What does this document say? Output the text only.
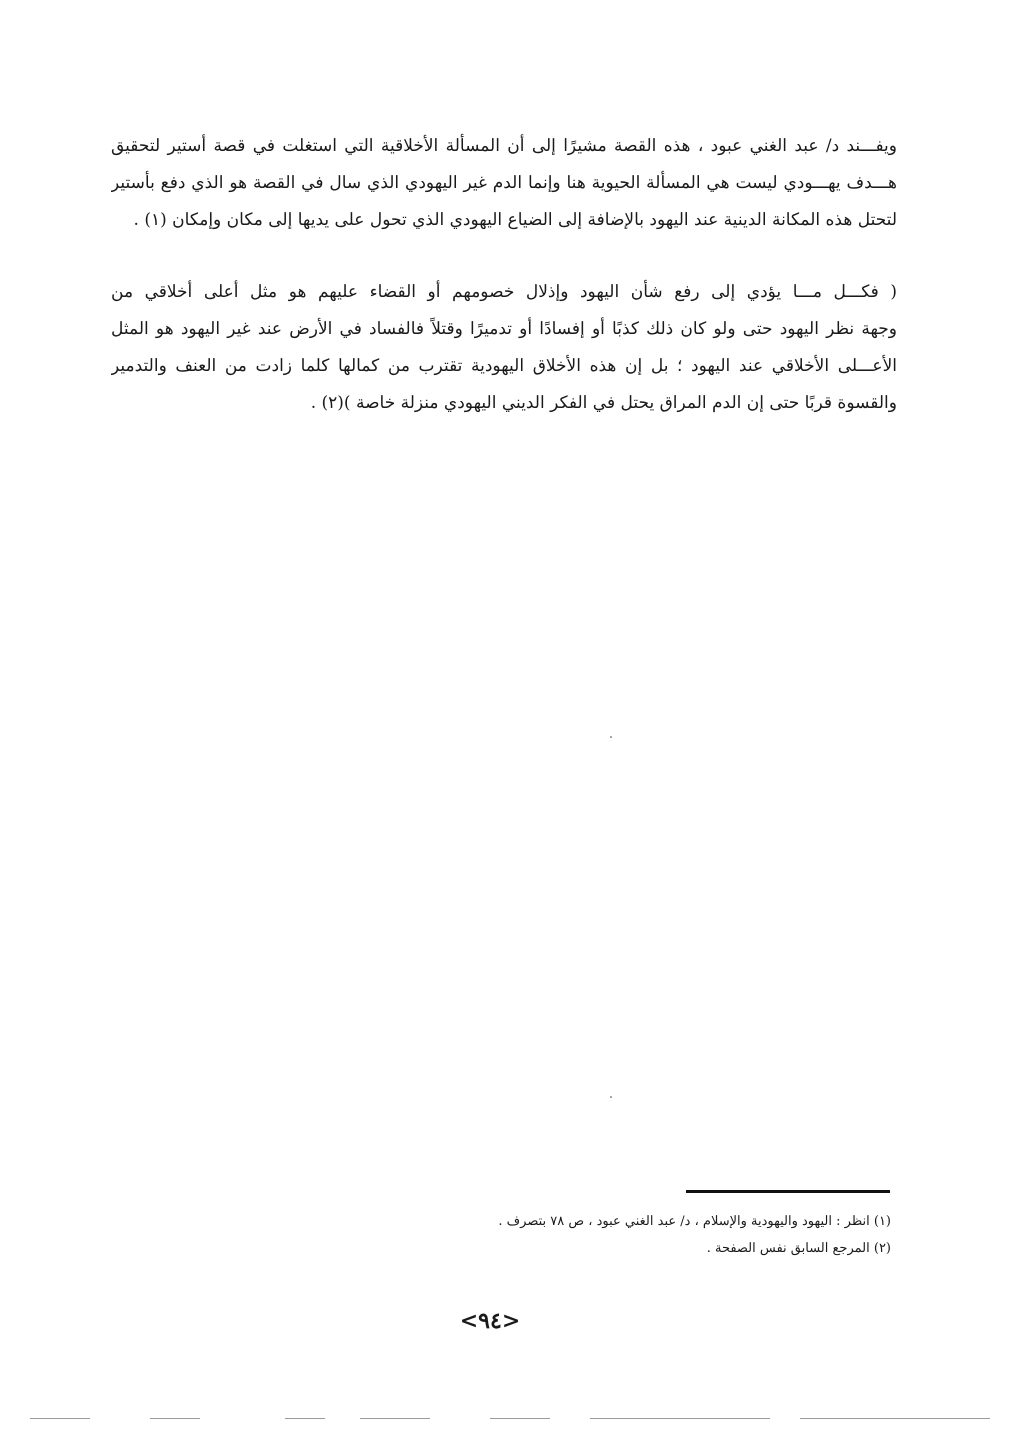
ويفـــند د/ عبد الغني عبود ، هذه القصة مشيرًا إلى أن المسألة الأخلاقية التي استغلت في قصة أستير لتحقيق
هـــدف يهـــودي ليست هي المسألة الحيوية هنا وإنما الدم غير اليهودي الذي سال في القصة هو الذي دفع بأستير
لتحتل هذه المكانة الدينية عند اليهود بالإضافة إلى الضياع اليهودي الذي تحول على يديها إلى مكان وإمكان (١) .
( فكـــل مـــا يؤدي إلى رفع شأن اليهود وإذلال خصومهم أو القضاء عليهم هو مثل أعلى أخلاقي من
وجهة نظر اليهود حتى ولو كان ذلك كذبًا أو إفسادًا أو تدميرًا وقتلاً فالفساد في الأرض عند غير اليهود هو المثل
الأعـــلى الأخلاقي عند اليهود ؛ بل إن هذه الأخلاق اليهودية تقترب من كمالها كلما زادت من العنف والتدمير
والقسوة قربًا حتى إن الدم المراق يحتل في الفكر الديني اليهودي منزلة خاصة )(٢) .
(١) انظر : اليهود واليهودية والإسلام ، د/ عبد الغني عبود ، ص ٧٨ بتصرف .
(٢) المرجع السابق نفس الصفحة .
<٩٤>
